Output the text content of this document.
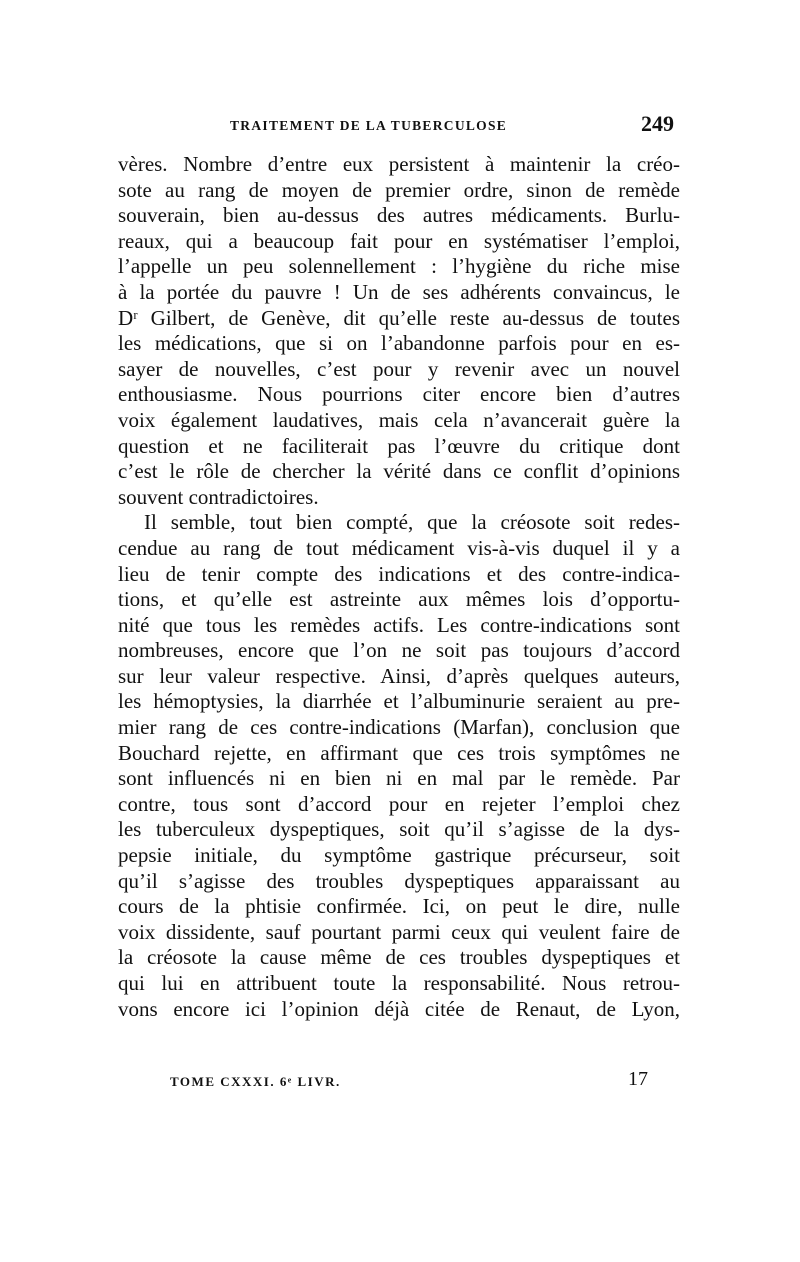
TRAITEMENT DE LA TUBERCULOSE	249
vères. Nombre d’entre eux persistent à maintenir la créo-
sote au rang de moyen de premier ordre, sinon de remède
souverain, bien au-dessus des autres médicaments. Burlu-
reaux, qui a beaucoup fait pour en systématiser l’emploi,
l’appelle un peu solennellement : l’hygiène du riche mise
à la portée du pauvre ! Un de ses adhérents convaincus, le
Dʳ Gilbert, de Genève, dit qu’elle reste au-dessus de toutes
les médications, que si on l’abandonne parfois pour en es-
sayer de nouvelles, c’est pour y revenir avec un nouvel
enthousiasme. Nous pourrions citer encore bien d’autres
voix également laudatives, mais cela n’avancerait guère la
question et ne faciliterait pas l’œuvre du critique dont
c’est le rôle de chercher la vérité dans ce conflit d’opinions
souvent contradictoires.
Il semble, tout bien compté, que la créosote soit redes-
cendue au rang de tout médicament vis-à-vis duquel il y a
lieu de tenir compte des indications et des contre-indica-
tions, et qu’elle est astreinte aux mêmes lois d’opportu-
nité que tous les remèdes actifs. Les contre-indications sont
nombreuses, encore que l’on ne soit pas toujours d’accord
sur leur valeur respective. Ainsi, d’après quelques auteurs,
les hémoptysies, la diarrhée et l’albuminurie seraient au pre-
mier rang de ces contre-indications (Marfan), conclusion que
Bouchard rejette, en affirmant que ces trois symptômes ne
sont influencés ni en bien ni en mal par le remède. Par
contre, tous sont d’accord pour en rejeter l’emploi chez
les tuberculeux dyspeptiques, soit qu’il s’agisse de la dys-
pepsie initiale, du symptôme gastrique précurseur, soit
qu’il s’agisse des troubles dyspeptiques apparaissant au
cours de la phtisie confirmée. Ici, on peut le dire, nulle
voix dissidente, sauf pourtant parmi ceux qui veulent faire de
la créosote la cause même de ces troubles dyspeptiques et
qui lui en attribuent toute la responsabilité. Nous retrou-
vons encore ici l’opinion déjà citée de Renaut, de Lyon,
TOME CXXXI. 6ᵉ LIVR.	17
